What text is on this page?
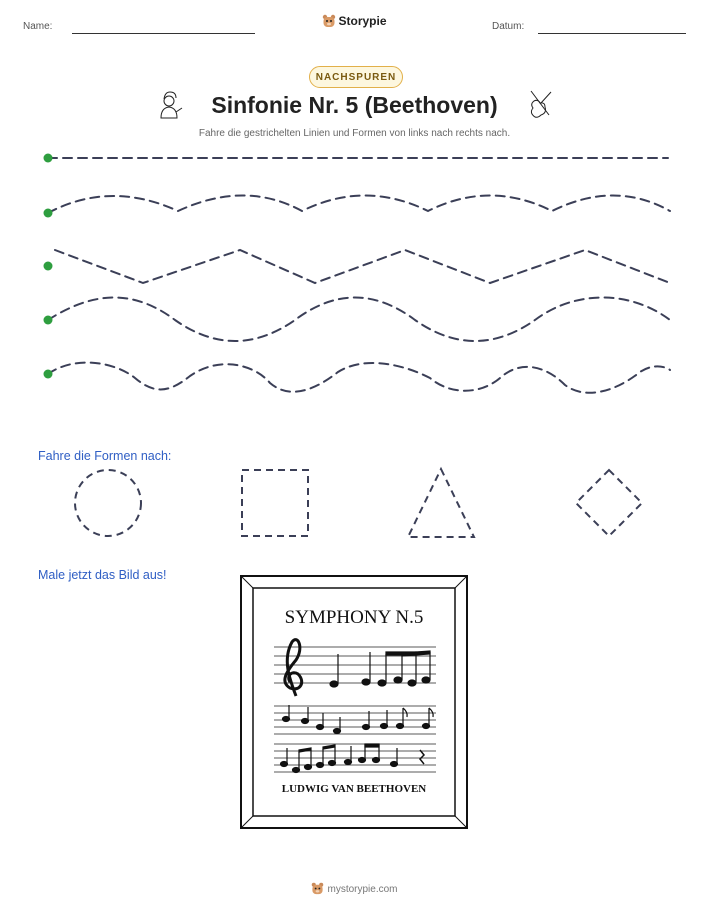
Name:	Datum:
Storypie
NACHSPUREN
Sinfonie Nr. 5 (Beethoven)
Fahre die gestrichelten Linien und Formen von links nach rechts nach.
Fahre die Formen nach:
Male jetzt das Bild aus!
SYMPHONY N.5
LUDWIG VAN BEETHOVEN
mystorypie.com
